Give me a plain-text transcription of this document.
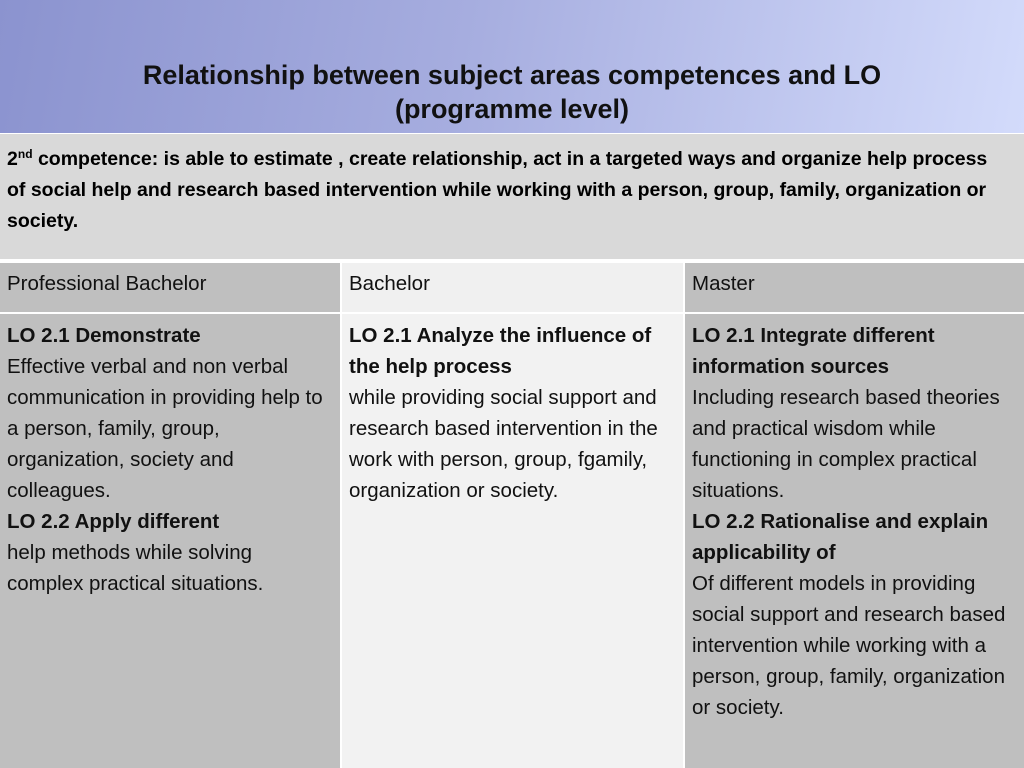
Relationship between subject areas competences and LO
(programme level)
2nd competence: is able to estimate , create relationship, act in a targeted ways and organize help process of social help and research based intervention while working with a person, group, family, organization or society.
Professional Bachelor
LO 2.1 Demonstrate
Effective verbal and non verbal communication in providing help to a person, family, group, organization, society and colleagues.
LO 2.2 Apply different
help methods while solving complex practical situations.
Bachelor
LO 2.1 Analyze the influence of the help process
while providing social support and research based intervention in the work with person, group, fgamily, organization or society.
Master
LO 2.1 Integrate different information sources
Including research based theories and practical wisdom while functioning in complex practical situations.
LO 2.2 Rationalise and explain applicability of
Of different models in providing social support and research based intervention while working with a person, group, family, organization or society.
